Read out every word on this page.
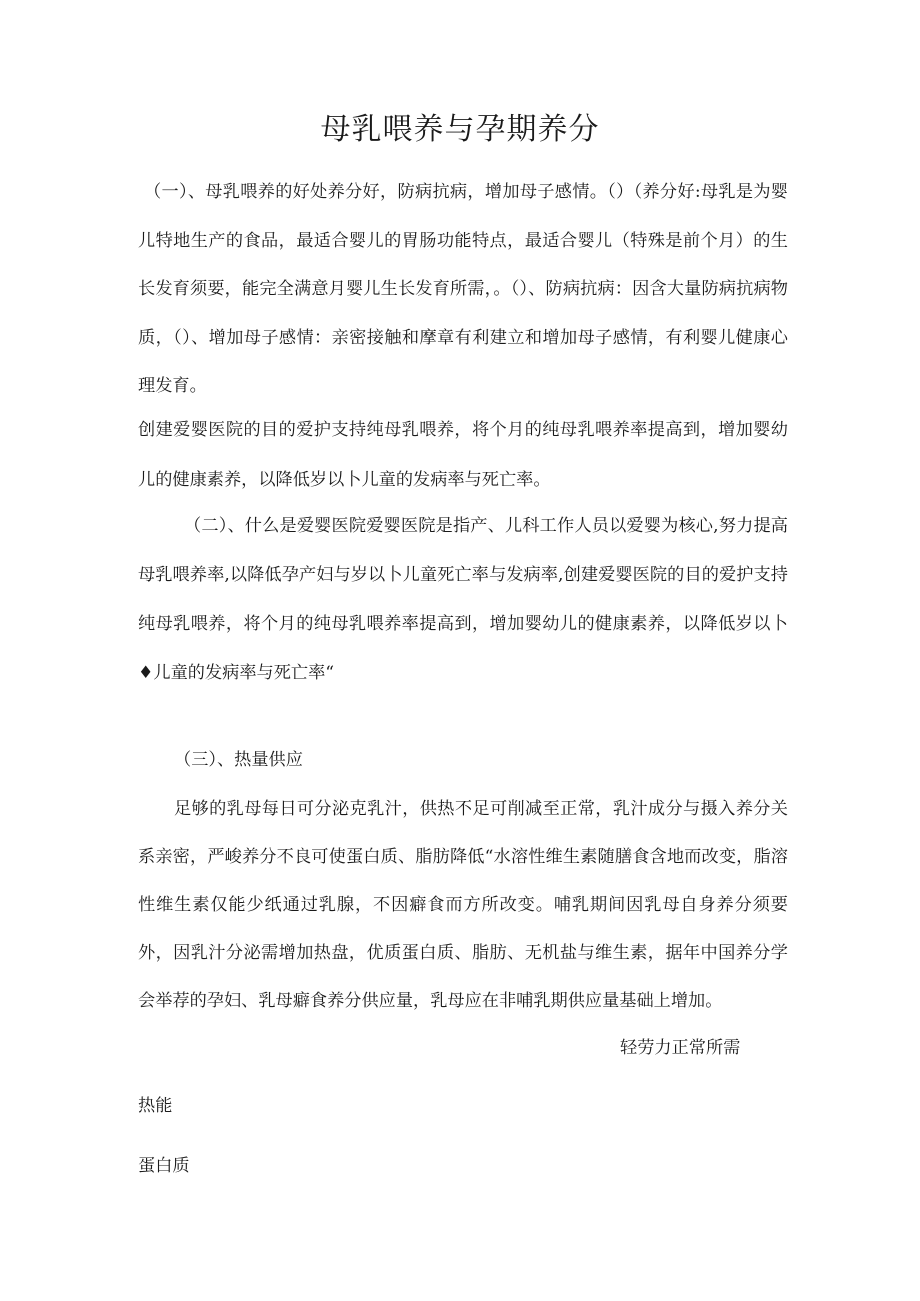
母乳喂养与孕期养分
（一）、母乳喂养的好处养分好，防病抗病，增加母子感情。（）（养分好:母乳是为婴儿特地生产的食品，最适合婴儿的胃肠功能特点，最适合婴儿（特殊是前个月）的生长发育须要，能完全满意月婴儿生长发育所需，。（）、防病抗病：因含大量防病抗病物质，（）、增加母子感情：亲密接触和摩章有利建立和增加母子感情，有利婴儿健康心理发育。
创建爱婴医院的目的爱护支持纯母乳喂养，将个月的纯母乳喂养率提高到，增加婴幼儿的健康素养，以降低岁以卜儿童的发病率与死亡率。
（二）、什么是爱婴医院爱婴医院是指产、儿科工作人员以爱婴为核心,努力提高母乳喂养率,以降低孕产妇与岁以卜儿童死亡率与发病率,创建爱婴医院的目的爱护支持纯母乳喂养，将个月的纯母乳喂养率提高到，增加婴幼儿的健康素养，以降低岁以卜♦儿童的发病率与死亡率“
（三）、热量供应
足够的乳母每日可分泌克乳汁，供热不足可削减至正常，乳汁成分与摄入养分关系亲密，严峻养分不良可使蛋白质、脂肪降低“水溶性维生素随膳食含地而改变，脂溶性维生素仅能少纸通过乳腺，不因癖食而方所改变。哺乳期间因乳母自身养分须要外，因乳汁分泌需增加热盘，优质蛋白质、脂肪、无机盐与维生素，据年中国养分学会举荐的孕妇、乳母癖食养分供应量，乳母应在非哺乳期供应量基础上增加。
轻劳力正常所需
热能
蛋白质
